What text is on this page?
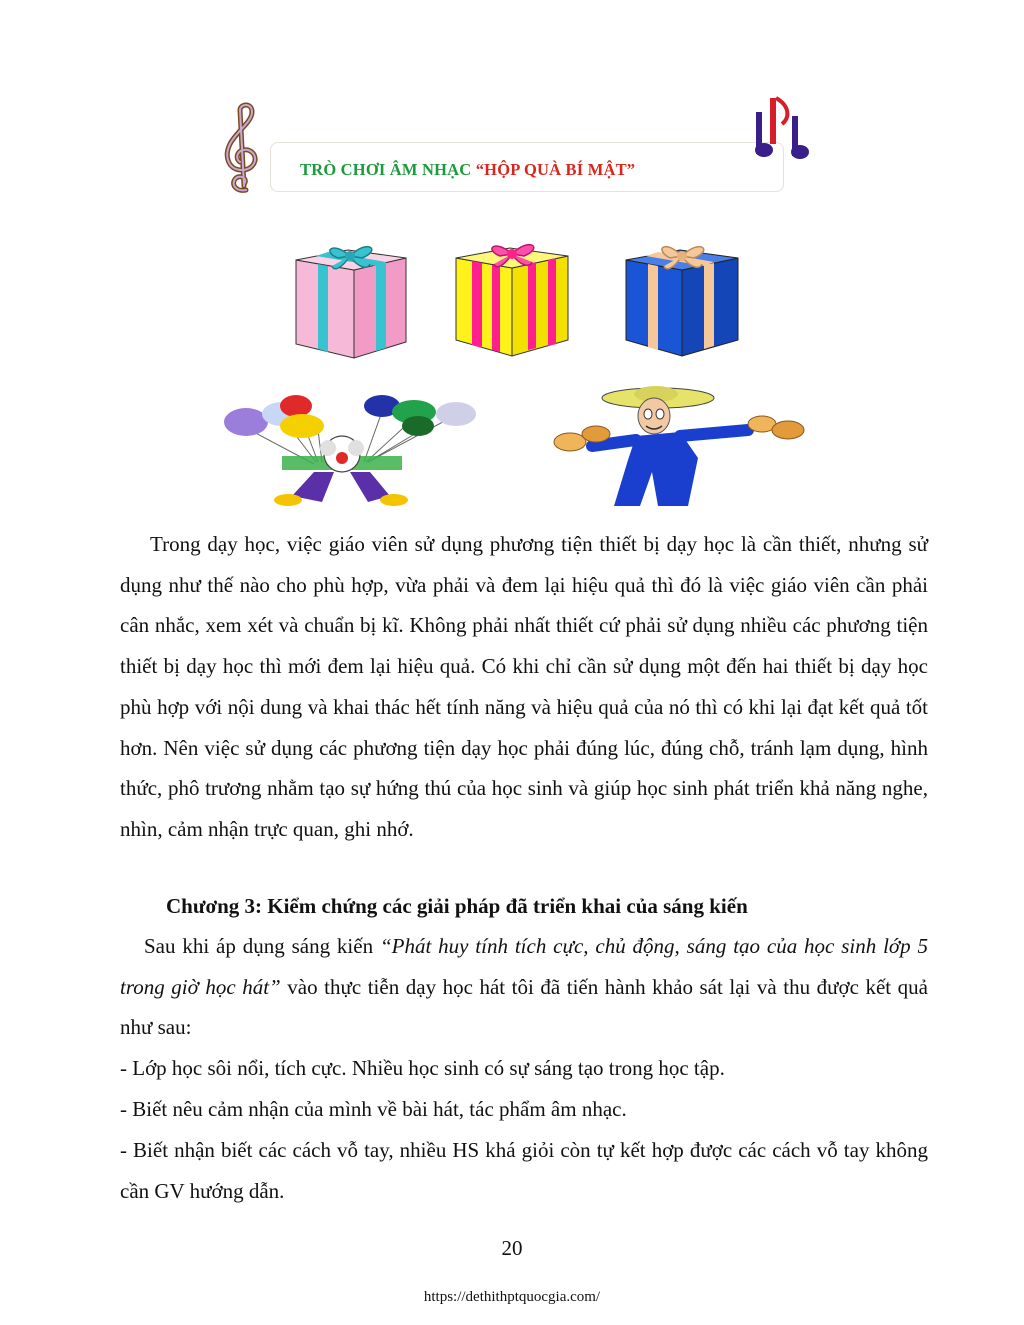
TRÒ CHƠI ÂM NHẠC “HỘP QUÀ BÍ MẬT”
Trong dạy học, việc giáo viên sử dụng phương tiện thiết bị dạy học là cần thiết, nhưng sử dụng như thế nào cho phù hợp, vừa phải và đem lại hiệu quả thì đó là việc giáo viên cần phải cân nhắc, xem xét và chuẩn bị kĩ. Không phải nhất thiết cứ phải sử dụng nhiều các phương tiện thiết bị dạy học thì mới đem lại hiệu quả. Có khi chỉ cần sử dụng một đến hai thiết bị dạy học phù hợp với nội dung và khai thác hết tính năng và hiệu quả của nó thì có khi lại đạt kết quả tốt hơn. Nên việc sử dụng các phương tiện dạy học phải đúng lúc, đúng chỗ, tránh lạm dụng, hình thức, phô trương nhằm tạo sự hứng thú của học sinh và giúp học sinh phát triển khả năng nghe, nhìn, cảm nhận trực quan, ghi nhớ.
Chương 3: Kiểm chứng các giải pháp đã triển khai của sáng kiến
Sau khi áp dụng sáng kiến “Phát huy tính tích cực, chủ động, sáng tạo của học sinh lớp 5 trong giờ học hát” vào thực tiễn dạy học hát tôi đã tiến hành khảo sát lại và thu được kết quả như sau:
- Lớp học sôi nổi, tích cực. Nhiều học sinh có sự sáng tạo trong học tập.
- Biết nêu cảm nhận của mình về bài hát, tác phẩm âm nhạc.
- Biết nhận biết các cách vỗ tay, nhiều HS khá giỏi còn tự kết hợp được các cách vỗ tay không cần GV hướng dẫn.
20
https://dethithptquocgia.com/
